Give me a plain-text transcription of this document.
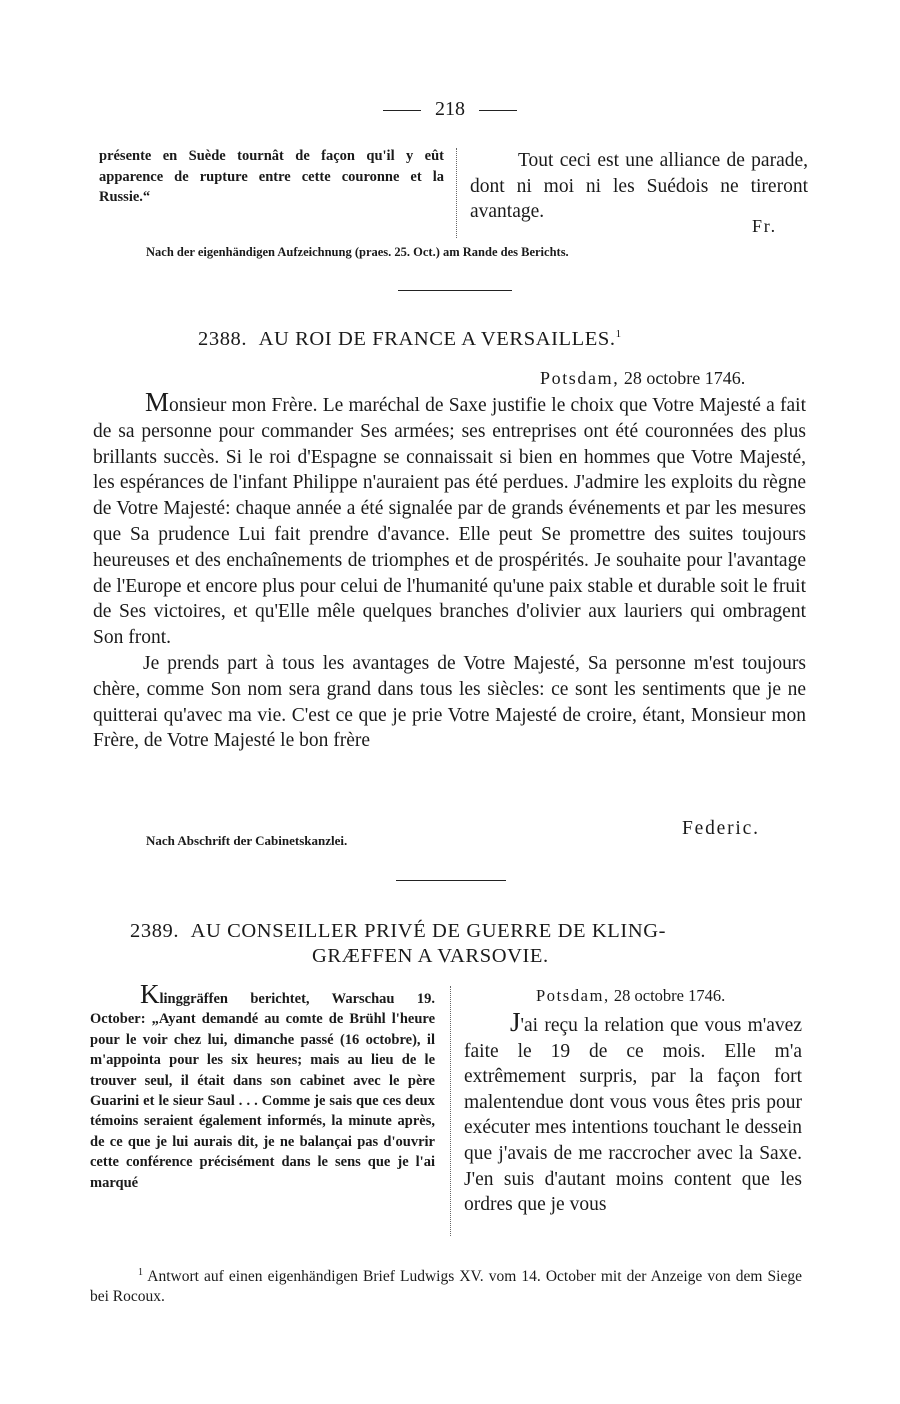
218
présente en Suède tournât de façon qu'il y eût apparence de rupture entre cette couronne et la Russie.“
Tout ceci est une alliance de parade, dont ni moi ni les Suédois ne tireront avantage.
Fr.
Nach der eigenhändigen Aufzeichnung (praes. 25. Oct.) am Rande des Berichts.
2388. AU ROI DE FRANCE A VERSAILLES.$^1$
Potsdam, 28 octobre 1746.

Monsieur mon Frère. Le maréchal de Saxe justifie le choix que Votre Majesté a fait de sa personne pour commander Ses armées; ses entreprises ont été couronnées des plus brillants succès. Si le roi d'Espagne se connaissait si bien en hommes que Votre Majesté, les espérances de l'infant Philippe n'auraient pas été perdues. J'admire les exploits du règne de Votre Majesté: chaque année a été signalée par de grands événements et par les mesures que Sa prudence Lui fait prendre d'avance. Elle peut Se promettre des suites toujours heureuses et des enchaînements de triomphes et de prospérités. Je souhaite pour l'avantage de l'Europe et encore plus pour celui de l'humanité qu'une paix stable et durable soit le fruit de Ses victoires, et qu'Elle mêle quelques branches d'olivier aux lauriers qui ombragent Son front.

Je prends part à tous les avantages de Votre Majesté, Sa personne m'est toujours chère, comme Son nom sera grand dans tous les siècles: ce sont les sentiments que je ne quitterai qu'avec ma vie. C'est ce que je prie Votre Majesté de croire, étant, Monsieur mon Frère, de Votre Majesté le bon frère

Federic.
Nach Abschrift der Cabinetskanzlei.
2389. AU CONSEILLER PRIVÉ DE GUERRE DE KLING-
GRÆFFEN A VARSOVIE.
Klinggräffen berichtet, Warschau 19. October: „Ayant demandé au comte de Brühl l'heure pour le voir chez lui, dimanche passé (16 octobre), il m'appointa pour les six heures; mais au lieu de le trouver seul, il était dans son cabinet avec le père Guarini et le sieur Saul . . . Comme je sais que ces deux témoins seraient également informés, la minute après, de ce que je lui aurais dit, je ne balançai pas d'ouvrir cette conférence précisément dans le sens que je l'ai marqué
Potsdam, 28 octobre 1746.
J'ai reçu la relation que vous m'avez faite le 19 de ce mois. Elle m'a extrêmement surpris, par la façon fort malentendue dont vous vous êtes pris pour exécuter mes intentions touchant le dessein que j'avais de me raccrocher avec la Saxe. J'en suis d'autant moins content que les ordres que je vous
$^1$ Antwort auf einen eigenhändigen Brief Ludwigs XV. vom 14. October mit der Anzeige von dem Siege bei Rocoux.
